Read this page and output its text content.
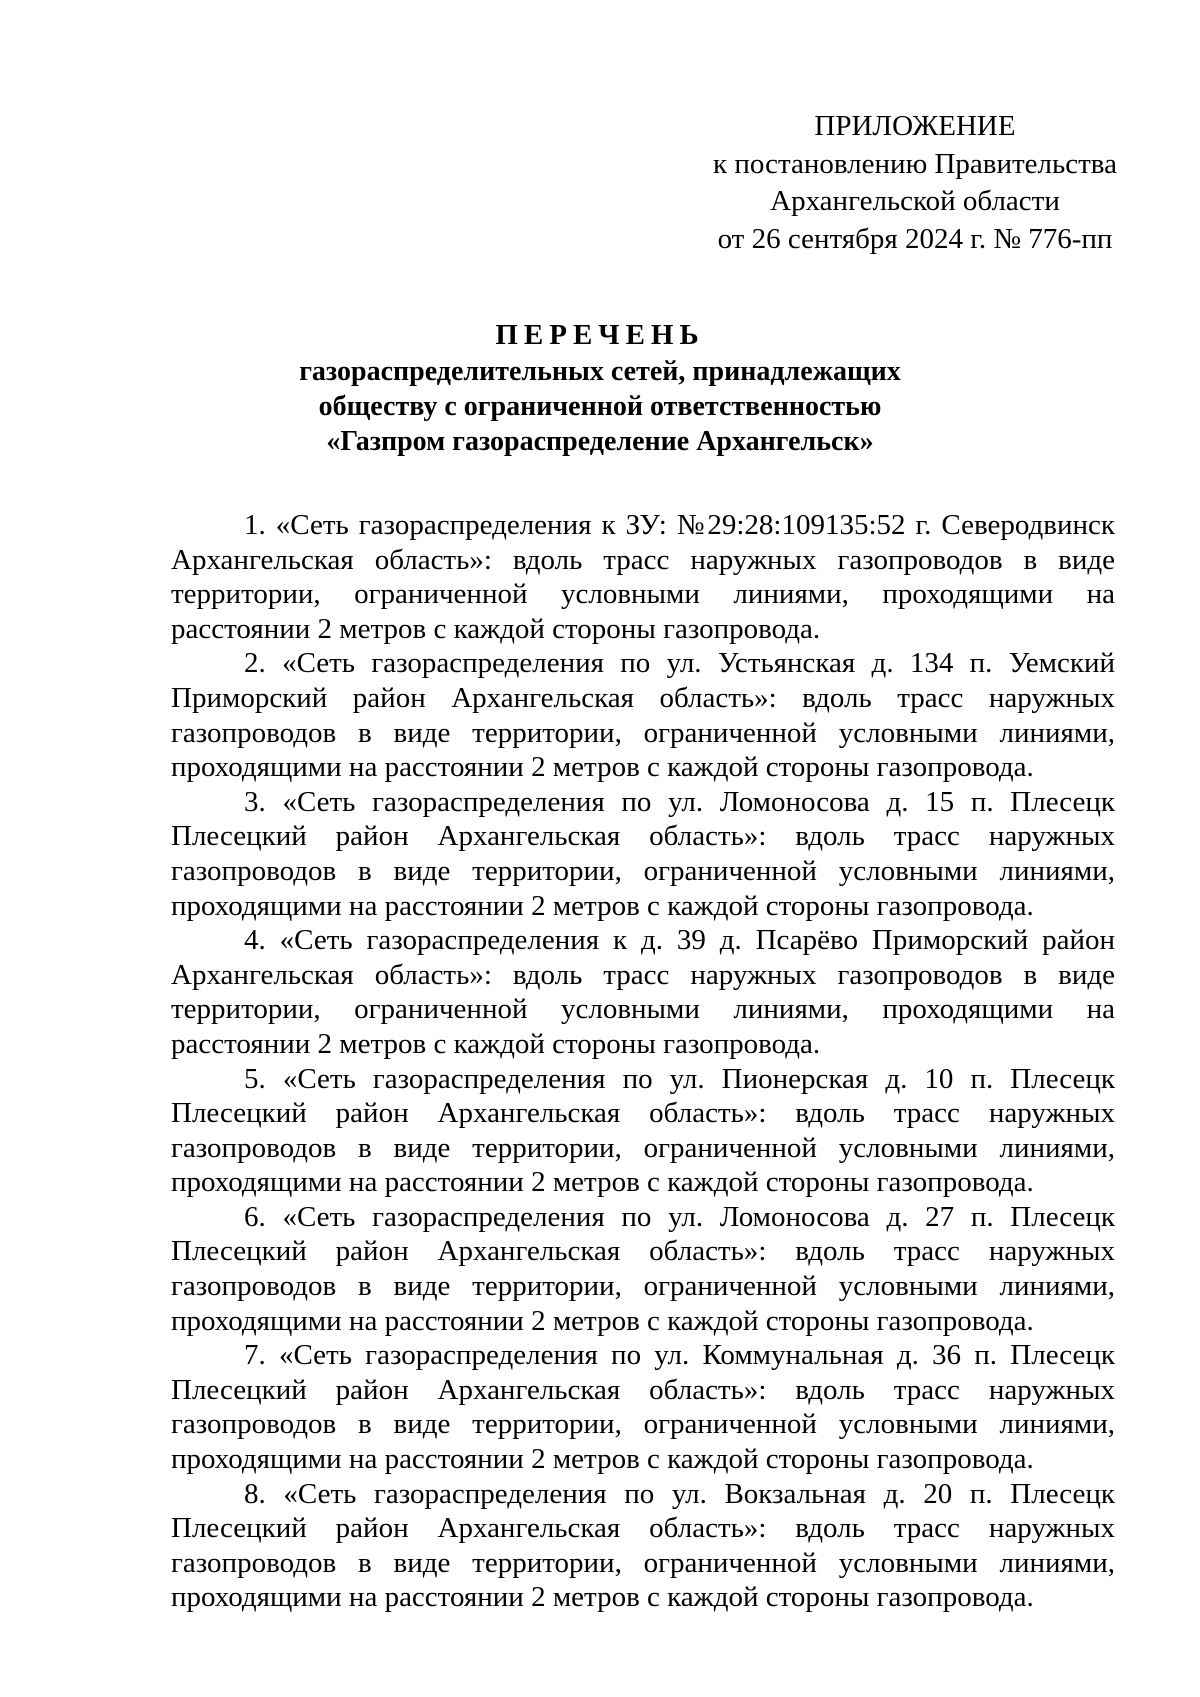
ПРИЛОЖЕНИЕ
к постановлению Правительства
Архангельской области
от 26 сентября 2024 г. № 776-пп
ПЕРЕЧЕНЬ
газораспределительных сетей, принадлежащих
обществу с ограниченной ответственностью
«Газпром газораспределение Архангельск»

1. «Сеть газораспределения к ЗУ: №29:28:109135:52 г. Северодвинск Архангельская область»: вдоль трасс наружных газопроводов в виде территории, ограниченной условными линиями, проходящими на расстоянии 2 метров с каждой стороны газопровода.

2. «Сеть газораспределения по ул. Устьянская д. 134 п. Уемский Приморский район Архангельская область»: вдоль трасс наружных газопроводов в виде территории, ограниченной условными линиями, проходящими на расстоянии 2 метров с каждой стороны газопровода.

3. «Сеть газораспределения по ул. Ломоносова д. 15 п. Плесецк Плесецкий район Архангельская область»: вдоль трасс наружных газопроводов в виде территории, ограниченной условными линиями, проходящими на расстоянии 2 метров с каждой стороны газопровода.

4. «Сеть газораспределения к д. 39 д. Псарёво Приморский район Архангельская область»: вдоль трасс наружных газопроводов в виде территории, ограниченной условными линиями, проходящими на расстоянии 2 метров с каждой стороны газопровода.

5. «Сеть газораспределения по ул. Пионерская д. 10 п. Плесецк Плесецкий район Архангельская область»: вдоль трасс наружных газопроводов в виде территории, ограниченной условными линиями, проходящими на расстоянии 2 метров с каждой стороны газопровода.

6. «Сеть газораспределения по ул. Ломоносова д. 27 п. Плесецк Плесецкий район Архангельская область»: вдоль трасс наружных газопроводов в виде территории, ограниченной условными линиями, проходящими на расстоянии 2 метров с каждой стороны газопровода.

7. «Сеть газораспределения по ул. Коммунальная д. 36 п. Плесецк Плесецкий район Архангельская область»: вдоль трасс наружных газопроводов в виде территории, ограниченной условными линиями, проходящими на расстоянии 2 метров с каждой стороны газопровода.

8. «Сеть газораспределения по ул. Вокзальная д. 20 п. Плесецк Плесецкий район Архангельская область»: вдоль трасс наружных газопроводов в виде территории, ограниченной условными линиями, проходящими на расстоянии 2 метров с каждой стороны газопровода.
